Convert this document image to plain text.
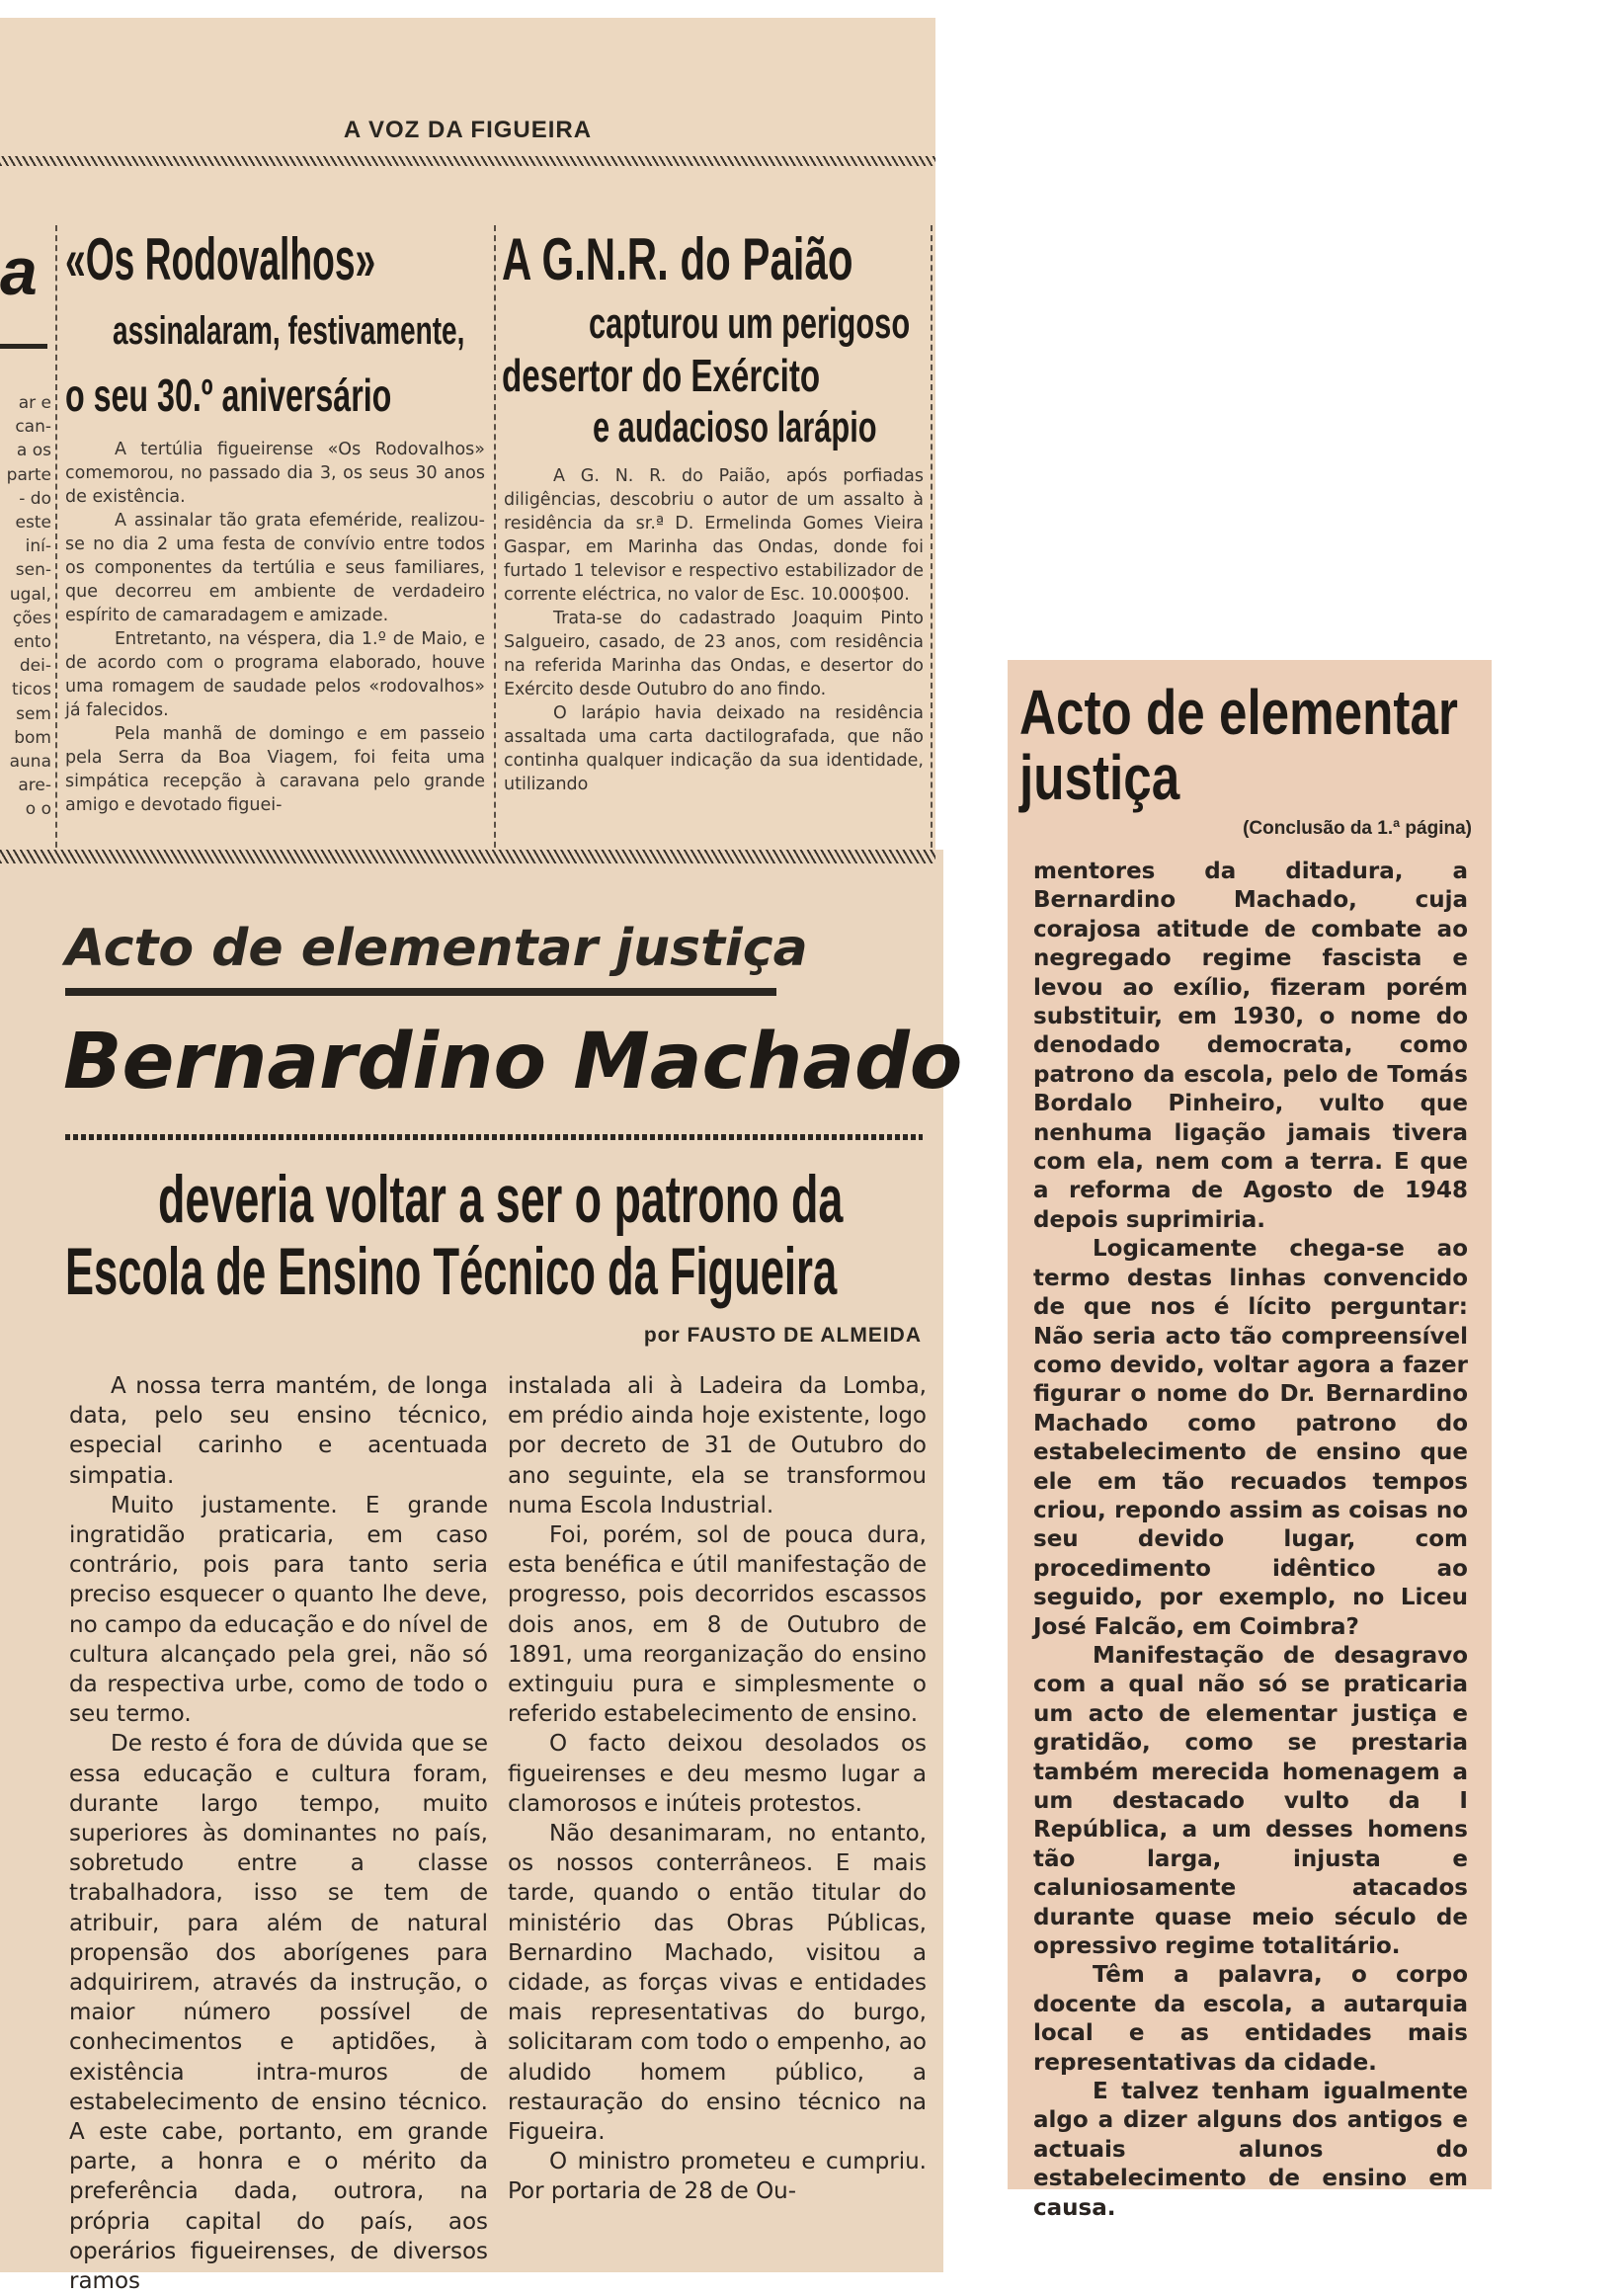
A VOZ DA FIGUEIRA
a
ar e
can-
a os
parte
- do
este
iní-
sen-
ugal,
ções
ento
dei-
ticos
sem
bom
auna
are-
o o
«Os Rodovalhos»
assinalaram, festivamente,
o seu 30.º aniversário

A tertúlia figueirense «Os Rodovalhos» comemorou, no passado dia 3, os seus 30 anos de existência.

A assinalar tão grata efeméride, realizou-se no dia 2 uma festa de convívio entre todos os componentes da tertúlia e seus familiares, que decorreu em ambiente de verdadeiro espírito de camaradagem e amizade.

Entretanto, na véspera, dia 1.º de Maio, e de acordo com o programa elaborado, houve uma romagem de saudade pelos «rodovalhos» já falecidos.

Pela manhã de domingo e em passeio pela Serra da Boa Viagem, foi feita uma simpática recepção à caravana pelo grande amigo e devotado figuei-

A G.N.R. do Paião
capturou um perigoso
desertor do Exército
e audacioso larápio

A G. N. R. do Paião, após porfiadas diligências, descobriu o autor de um assalto à residência da sr.ª D. Ermelinda Gomes Vieira Gaspar, em Marinha das Ondas, donde foi furtado 1 televisor e respectivo estabilizador de corrente eléctrica, no valor de Esc. 10.000$00.

Trata-se do cadastrado Joaquim Pinto Salgueiro, casado, de 23 anos, com residência na referida Marinha das Ondas, e desertor do Exército desde Outubro do ano findo.

O larápio havia deixado na residência assaltada uma carta dactilografada, que não continha qualquer indicação da sua identidade, utilizando

Acto de elementar justiça
Bernardino Machado
deveria voltar a ser o patrono da
Escola de Ensino Técnico da Figueira
por FAUSTO DE ALMEIDA

A nossa terra mantém, de longa data, pelo seu ensino técnico, especial carinho e acentuada simpatia.

Muito justamente. E grande ingratidão praticaria, em caso contrário, pois para tanto seria preciso esquecer o quanto lhe deve, no campo da educação e do nível de cultura alcançado pela grei, não só da respectiva urbe, como de todo o seu termo.

De resto é fora de dúvida que se essa educação e cultura foram, durante largo tempo, muito superiores às dominantes no país, sobretudo entre a classe trabalhadora, isso se tem de atribuir, para além de natural propensão dos aborígenes para adquirirem, através da instrução, o maior número possível de conhecimentos e aptidões, à existência intra-muros de estabelecimento de ensino técnico. A este cabe, portanto, em grande parte, a honra e o mérito da preferência dada, outrora, na própria capital do país, aos operários figueirenses, de diversos ramos

instalada ali à Ladeira da Lomba, em prédio ainda hoje existente, logo por decreto de 31 de Outubro do ano seguinte, ela se transformou numa Escola Industrial.

Foi, porém, sol de pouca dura, esta benéfica e útil manifestação de progresso, pois decorridos escassos dois anos, em 8 de Outubro de 1891, uma reorganização do ensino extinguiu pura e simplesmente o referido estabelecimento de ensino.

O facto deixou desolados os figueirenses e deu mesmo lugar a clamorosos e inúteis protestos.

Não desanimaram, no entanto, os nossos conterrâneos. E mais tarde, quando o então titular do ministério das Obras Públicas, Bernardino Machado, visitou a cidade, as forças vivas e entidades mais representativas do burgo, solicitaram com todo o empenho, ao aludido homem público, a restauração do ensino técnico na Figueira.

O ministro prometeu e cumpriu. Por portaria de 28 de Ou-

Acto de elementar justiça
(Conclusão da 1.ª página)

mentores da ditadura, a Bernardino Machado, cuja corajosa atitude de combate ao negregado regime fascista e levou ao exílio, fizeram porém substituir, em 1930, o nome do denodado democrata, como patrono da escola, pelo de Tomás Bordalo Pinheiro, vulto que nenhuma ligação jamais tivera com ela, nem com a terra. E que a reforma de Agosto de 1948 depois suprimiria.

Logicamente chega-se ao termo destas linhas convencido de que nos é lícito perguntar: Não seria acto tão compreensível como devido, voltar agora a fazer figurar o nome do Dr. Bernardino Machado como patrono do estabelecimento de ensino que ele em tão recuados tempos criou, repondo assim as coisas no seu devido lugar, com procedimento idêntico ao seguido, por exemplo, no Liceu José Falcão, em Coimbra?

Manifestação de desagravo com a qual não só se praticaria um acto de elementar justiça e gratidão, como se prestaria também merecida homenagem a um destacado vulto da I República, a um desses homens tão larga, injusta e caluniosamente atacados durante quase meio século de opressivo regime totalitário.

Têm a palavra, o corpo docente da escola, a autarquia local e as entidades mais representativas da cidade.

E talvez tenham igualmente algo a dizer alguns dos antigos e actuais alunos do estabelecimento de ensino em causa.
